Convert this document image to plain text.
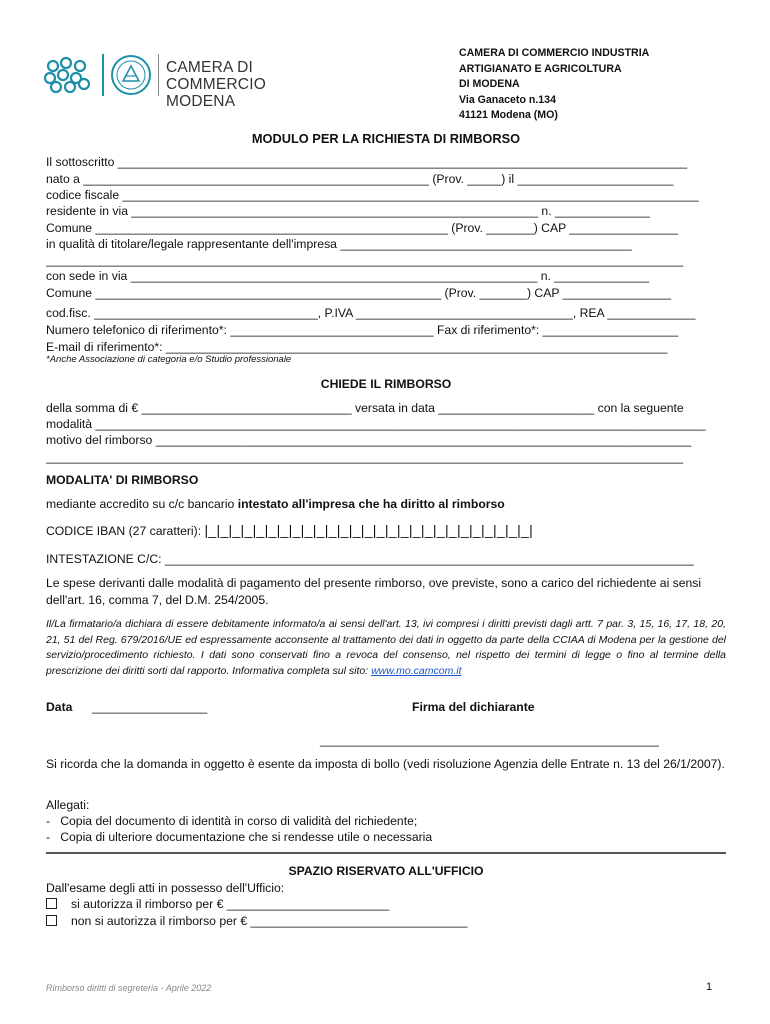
CAMERA DI COMMERCIO
MODENA
CAMERA DI COMMERCIO INDUSTRIA
ARTIGIANATO E AGRICOLTURA
DI MODENA
Via Ganaceto n.134
41121 Modena (MO)
MODULO PER LA RICHIESTA DI RIMBORSO
Il sottoscritto ____________________________________________________________________________________
nato a ___________________________________________________ (Prov. _____) il _______________________
codice fiscale _____________________________________________________________________________________
residente in via ____________________________________________________________ n. ______________
Comune ____________________________________________________ (Prov. _______) CAP ________________
in qualità di titolare/legale rappresentante dell'impresa ___________________________________________
______________________________________________________________________________________________
con sede in via ____________________________________________________________ n. ______________
Comune ___________________________________________________ (Prov. _______) CAP ________________
cod.fisc. _________________________________, P.IVA ________________________________, REA _____________
Numero telefonico di riferimento*: ______________________________ Fax di riferimento*: ____________________
E-mail di riferimento*: __________________________________________________________________________
*Anche Associazione di categoria e/o Studio professionale
CHIEDE IL RIMBORSO
della somma di € _______________________________ versata in data _______________________ con la seguente
modalità __________________________________________________________________________________________
motivo del rimborso _______________________________________________________________________________
______________________________________________________________________________________________
MODALITA' DI RIMBORSO
mediante accredito su c/c bancario intestato all'impresa che ha diritto al rimborso
CODICE IBAN (27 caratteri): |_|_|_|_|_|_|_|_|_|_|_|_|_|_|_|_|_|_|_|_|_|_|_|_|_|_|_|
INTESTAZIONE C/C: ______________________________________________________________________________
Le spese derivanti dalle modalità di pagamento del presente rimborso, ove previste, sono a carico del richiedente ai sensi dell'art. 16, comma 7, del D.M. 254/2005.
Il/La firmatario/a dichiara di essere debitamente informato/a ai sensi dell'art. 13, ivi compresi i diritti previsti dagli artt. 7 par. 3, 15, 16, 17, 18, 20, 21, 51 del Reg. 679/2016/UE ed espressamente acconsente al trattamento dei dati in oggetto da parte della CCIAA di Modena per la gestione del servizio/procedimento richiesto. I dati sono conservati fino a revoca del consenso, nel rispetto dei termini di legge o fino al termine della prescrizione dei diritti sorti dal rapporto. Informativa completa sul sito: www.mo.camcom.it
Data _________________	Firma del dichiarante
__________________________________________________
Si ricorda che la domanda in oggetto è esente da imposta di bollo (vedi risoluzione Agenzia delle Entrate n. 13 del 26/1/2007).
Allegati:
-   Copia del documento di identità in corso di validità del richiedente;
-   Copia di ulteriore documentazione che si rendesse utile o necessaria
SPAZIO RISERVATO ALL'UFFICIO
Dall'esame degli atti in possesso dell'Ufficio:
si autorizza il rimborso per € ________________________
non si autorizza il rimborso per € ________________________________
Rimborso diritti di segreteria - Aprile 2022	1
